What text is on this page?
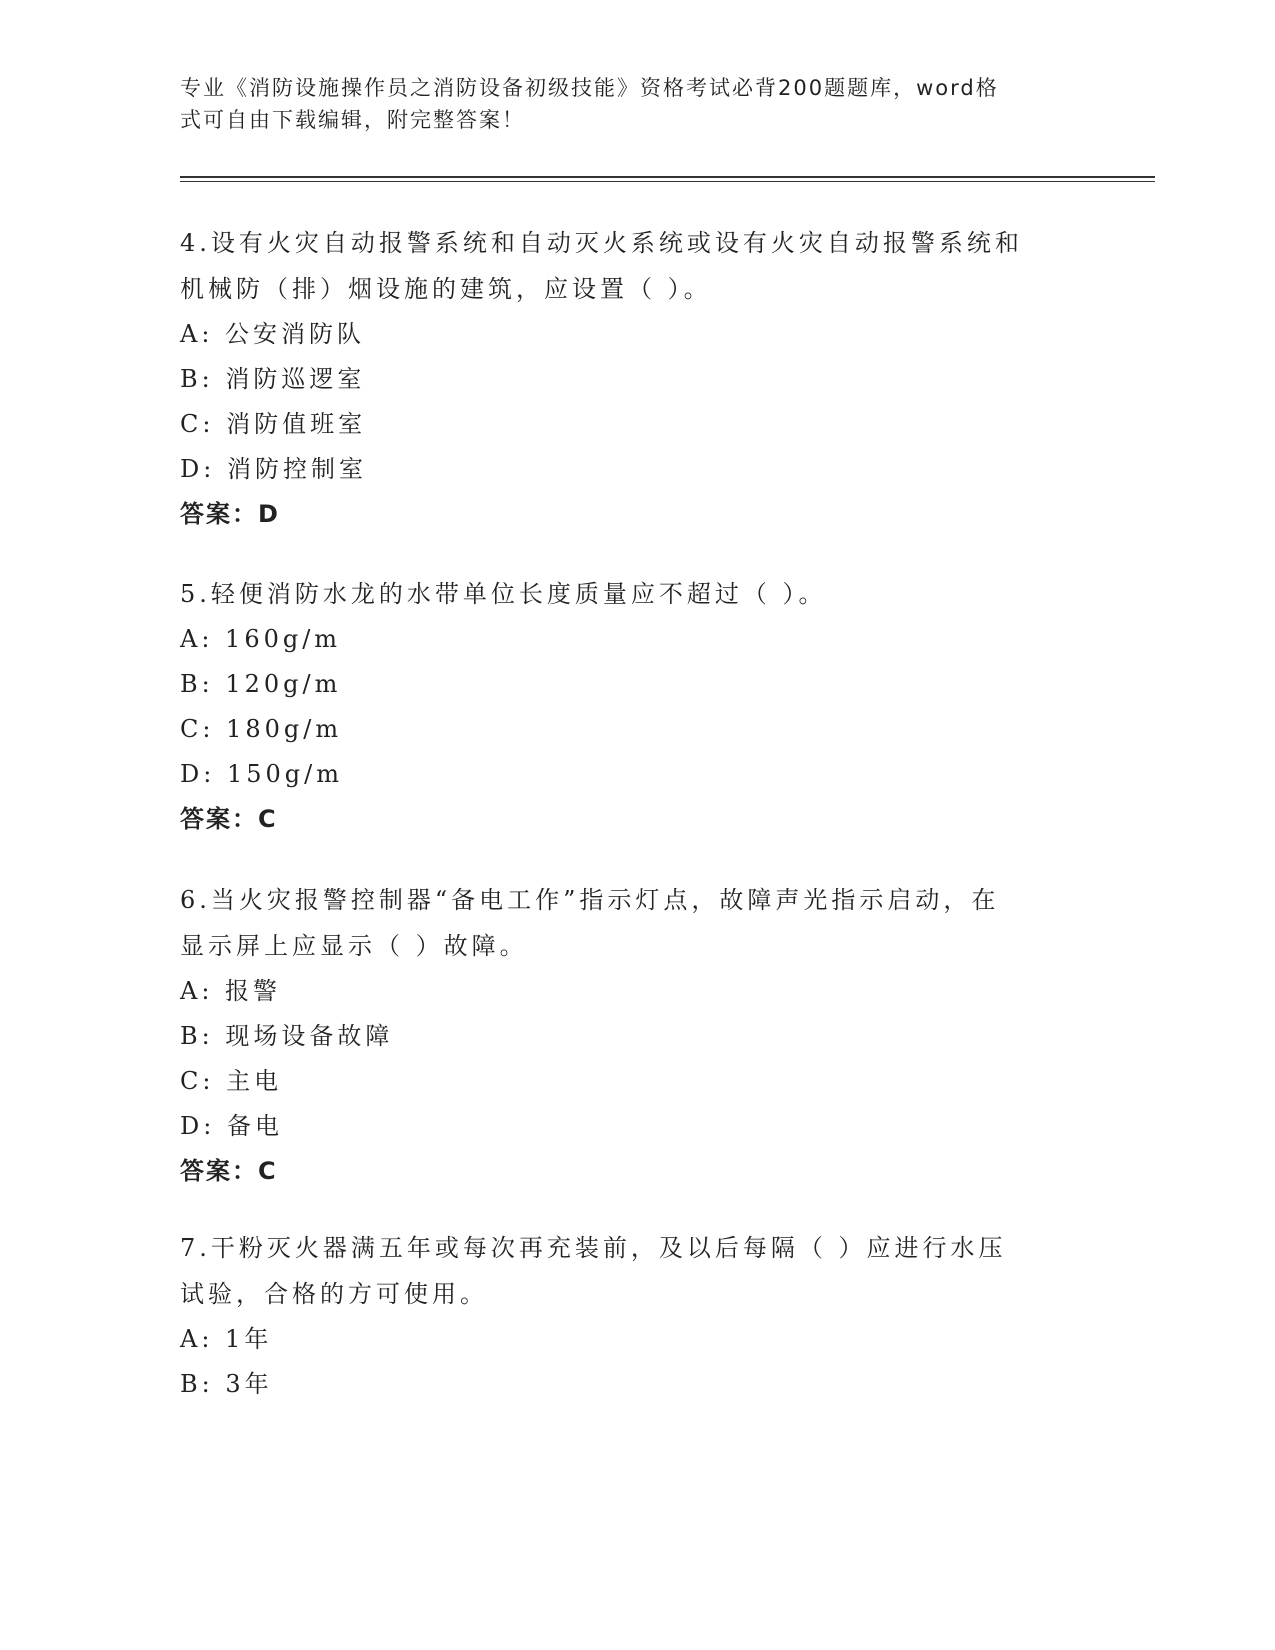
专业《消防设施操作员之消防设备初级技能》资格考试必背200题题库，word格
式可自由下载编辑，附完整答案！

4.设有火灾自动报警系统和自动灭火系统或设有火灾自动报警系统和
机械防（排）烟设施的建筑，应设置（ ）。

A: 公安消防队

B: 消防巡逻室

C: 消防值班室

D: 消防控制室

答案：D

5.轻便消防水龙的水带单位长度质量应不超过（ ）。

A: 160g/m

B: 120g/m

C: 180g/m

D: 150g/m

答案：C

6.当火灾报警控制器“备电工作”指示灯点，故障声光指示启动，在
显示屏上应显示（ ）故障。

A: 报警

B: 现场设备故障

C: 主电

D: 备电

答案：C

7.干粉灭火器满五年或每次再充装前，及以后每隔（ ）应进行水压
试验，合格的方可使用。

A: 1年

B: 3年
